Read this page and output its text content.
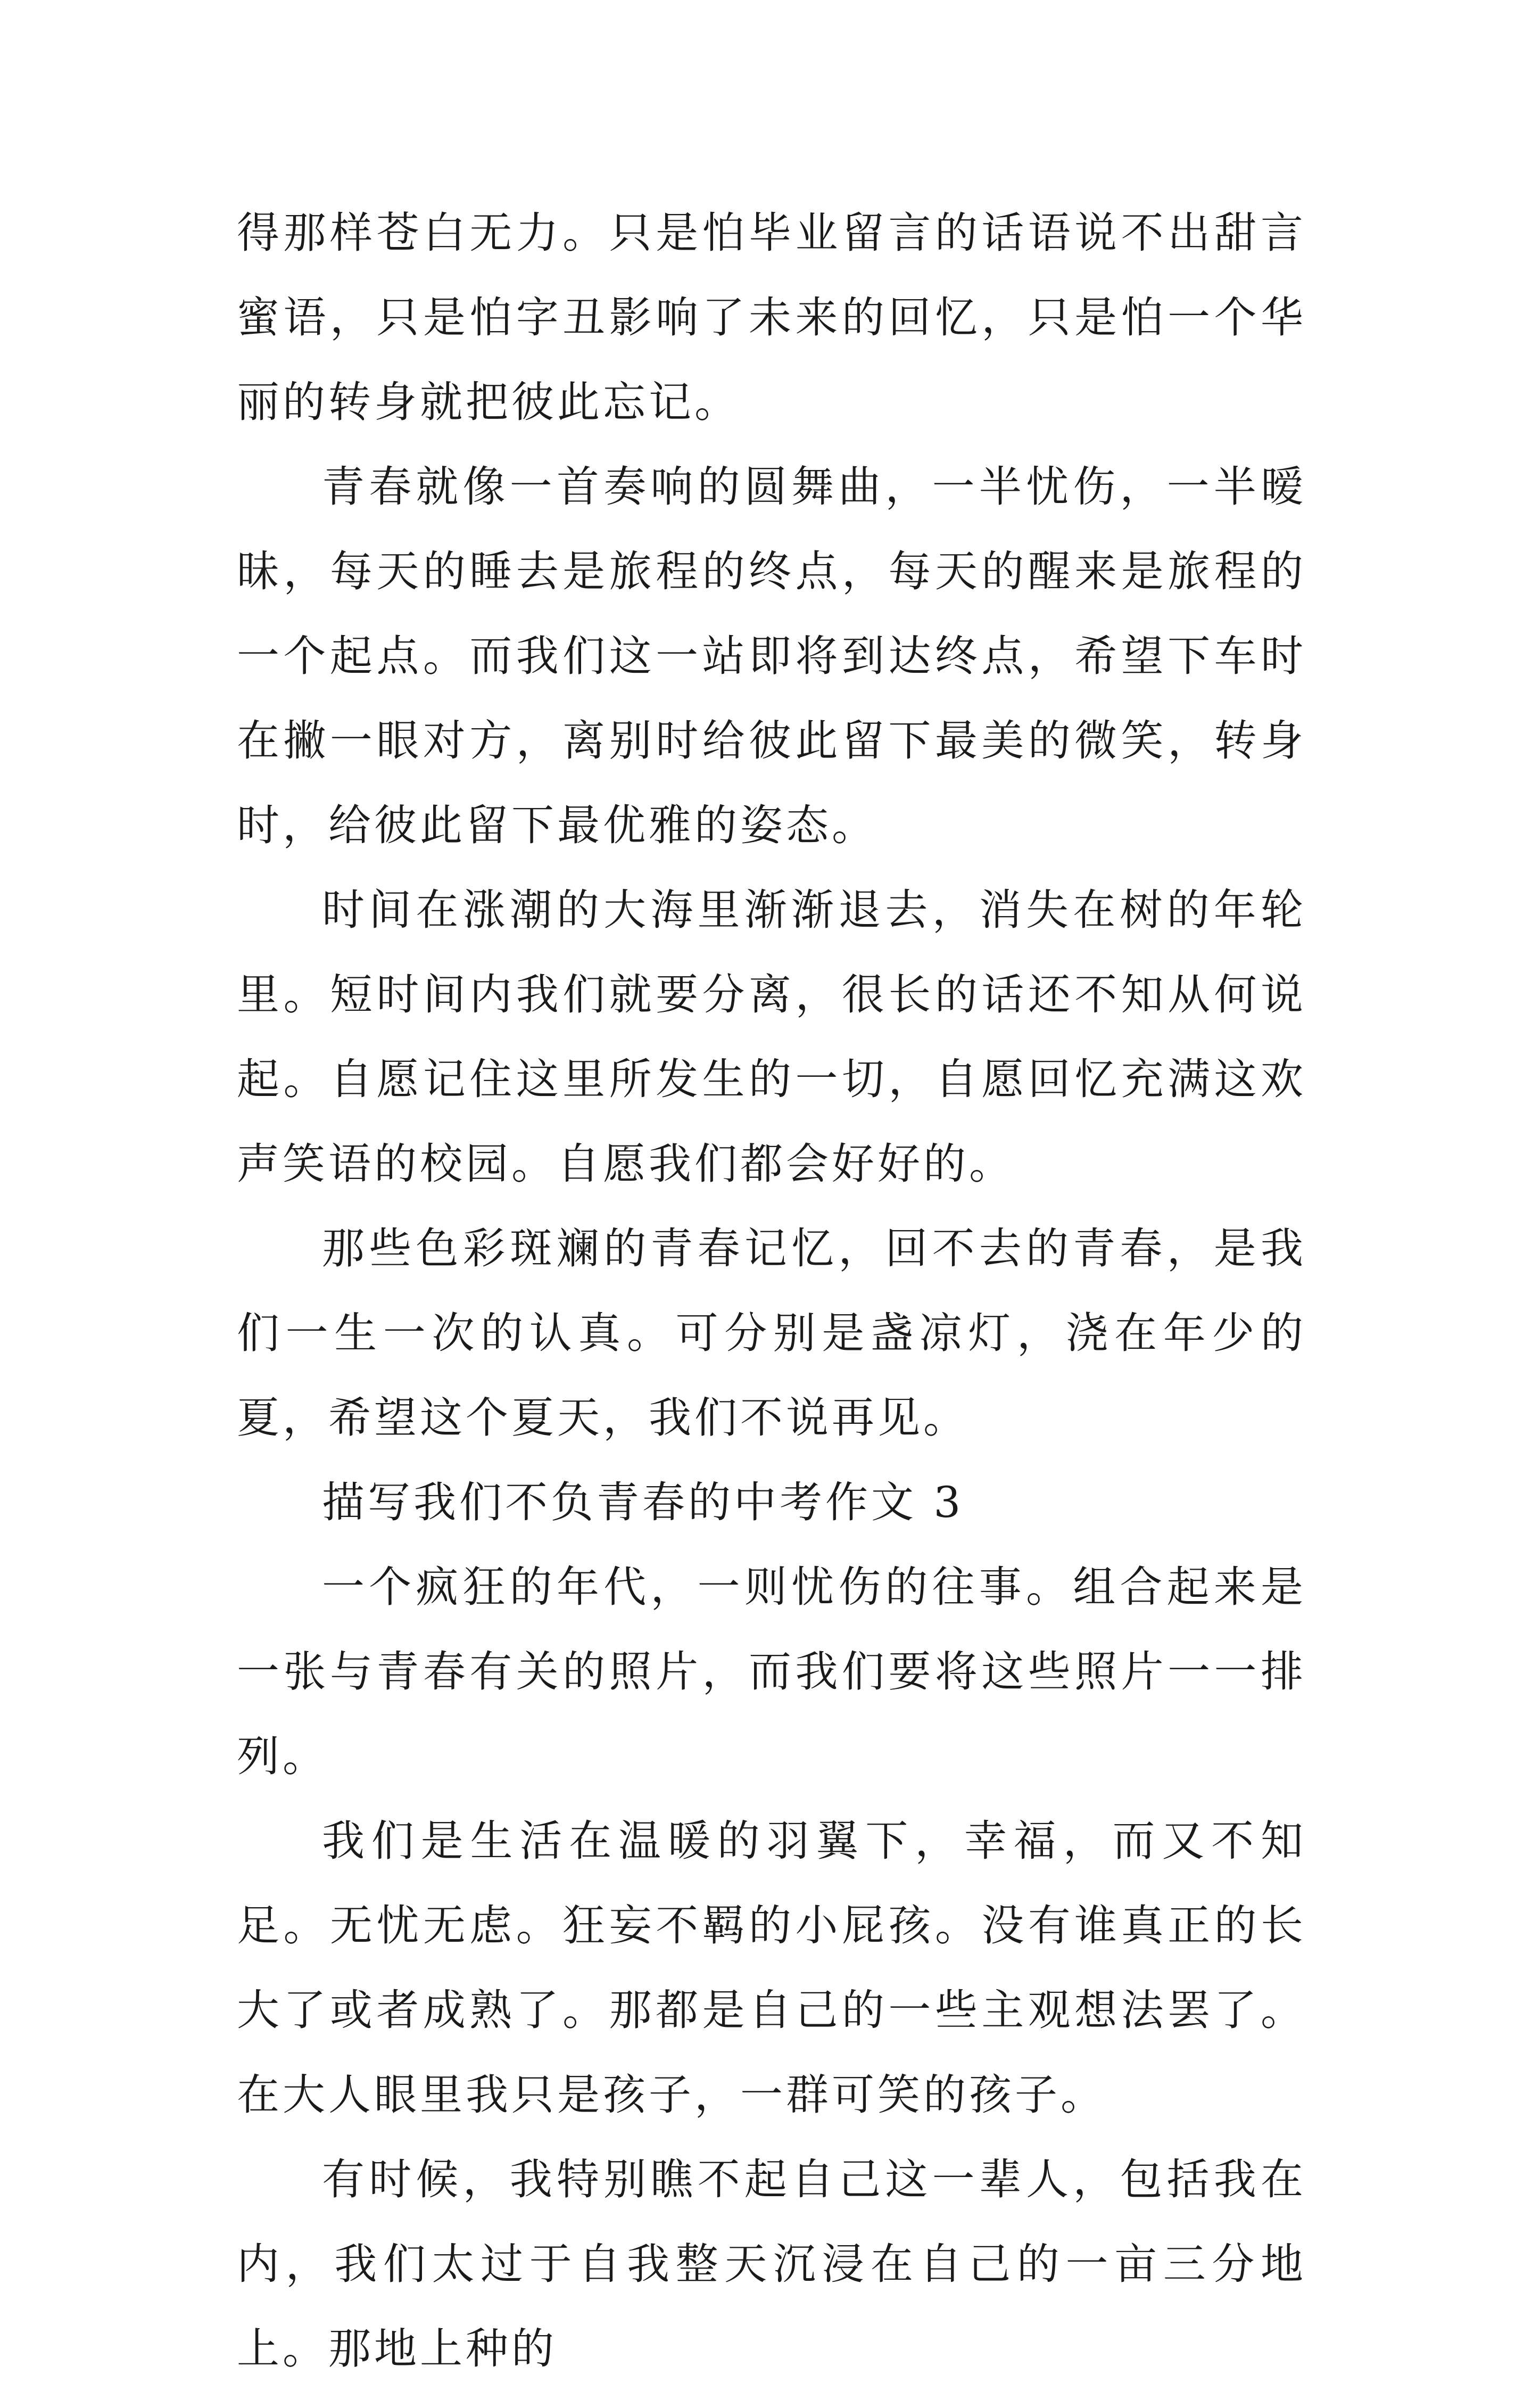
得那样苍白无力。只是怕毕业留言的话语说不出甜言蜜语，只是怕字丑影响了未来的回忆，只是怕一个华丽的转身就把彼此忘记。

青春就像一首奏响的圆舞曲，一半忧伤，一半暧昧，每天的睡去是旅程的终点，每天的醒来是旅程的一个起点。而我们这一站即将到达终点，希望下车时在撇一眼对方，离别时给彼此留下最美的微笑，转身时，给彼此留下最优雅的姿态。

时间在涨潮的大海里渐渐退去，消失在树的年轮里。短时间内我们就要分离，很长的话还不知从何说起。自愿记住这里所发生的一切，自愿回忆充满这欢声笑语的校园。自愿我们都会好好的。

那些色彩斑斓的青春记忆，回不去的青春，是我们一生一次的认真。可分别是盏凉灯，浇在年少的夏，希望这个夏天，我们不说再见。

描写我们不负青春的中考作文 3

一个疯狂的年代，一则忧伤的往事。组合起来是一张与青春有关的照片，而我们要将这些照片一一排列。

我们是生活在温暖的羽翼下，幸福，而又不知足。无忧无虑。狂妄不羁的小屁孩。没有谁真正的长大了或者成熟了。那都是自己的一些主观想法罢了。在大人眼里我只是孩子，一群可笑的孩子。

有时候，我特别瞧不起自己这一辈人，包括我在内，我们太过于自我整天沉浸在自己的一亩三分地上。那地上种的
